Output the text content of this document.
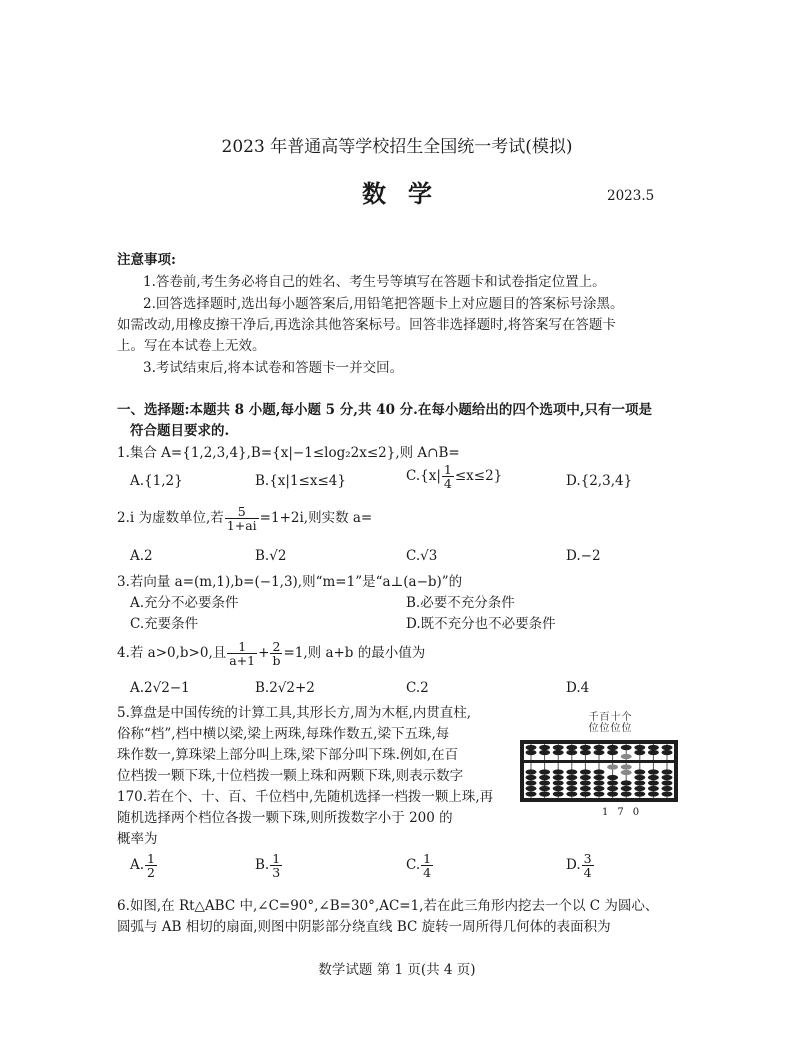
2023 年普通高等学校招生全国统一考试(模拟)
数学	2023.5
注意事项:
1.答卷前,考生务必将自己的姓名、考生号等填写在答题卡和试卷指定位置上。
2.回答选择题时,选出每小题答案后,用铅笔把答题卡上对应题目的答案标号涂黑。
如需改动,用橡皮擦干净后,再选涂其他答案标号。回答非选择题时,将答案写在答题卡
上。写在本试卷上无效。
3.考试结束后,将本试卷和答题卡一并交回。
一、选择题:本题共 8 小题,每小题 5 分,共 40 分.在每小题给出的四个选项中,只有一项是
符合题目要求的.
1.集合 A={1,2,3,4},B={x|−1≤log₂2x≤2},则 A∩B=
A.{1,2}	B.{x|1≤x≤4}	$C.\{x| \frac{1}{4} \le x\le 2\}$	D.{2,3,4}
2.i 为虚数单位,若 $\frac{5}{1+ai} =1+2i$,则实数 a=
A.2	B.√2	C.√3	D.−2
3.若向量 a=(m,1),b=(−1,3),则“m=1”是“a⊥(a−b)”的
A.充分不必要条件	B.必要不充分条件
C.充要条件	D.既不充分也不必要条件
4.若 a>0,b>0,且 $\frac{1}{a+1} + \frac{2}{b} =1$,则 a+b 的最小值为
A.2√2−1	B.2√2+2	C.2	D.4
5.算盘是中国传统的计算工具,其形长方,周为木框,内贯直柱,
俗称“档”,档中横以梁,梁上两珠,每珠作数五,梁下五珠,每
珠作数一,算珠梁上部分叫上珠,梁下部分叫下珠.例如,在百
位档拨一颗下珠,十位档拨一颗上珠和两颗下珠,则表示数字
170.若在个、十、百、千位档中,先随机选择一档拨一颗上珠,再
随机选择两个档位各拨一颗下珠,则所拨数字小于 200 的
概率为
千百十个
位位位位
170
A. $\frac{1}{2}$	B. $\frac{1}{3}$	C. $\frac{1}{4}$	D. $\frac{3}{4}$
6.如图,在 Rt△ABC 中,∠C=90°,∠B=30°,AC=1,若在此三角形内挖去一个以 C 为圆心、
圆弧与 AB 相切的扇面,则图中阴影部分绕直线 BC 旋转一周所得几何体的表面积为
数学试题 第 1 页(共 4 页)
